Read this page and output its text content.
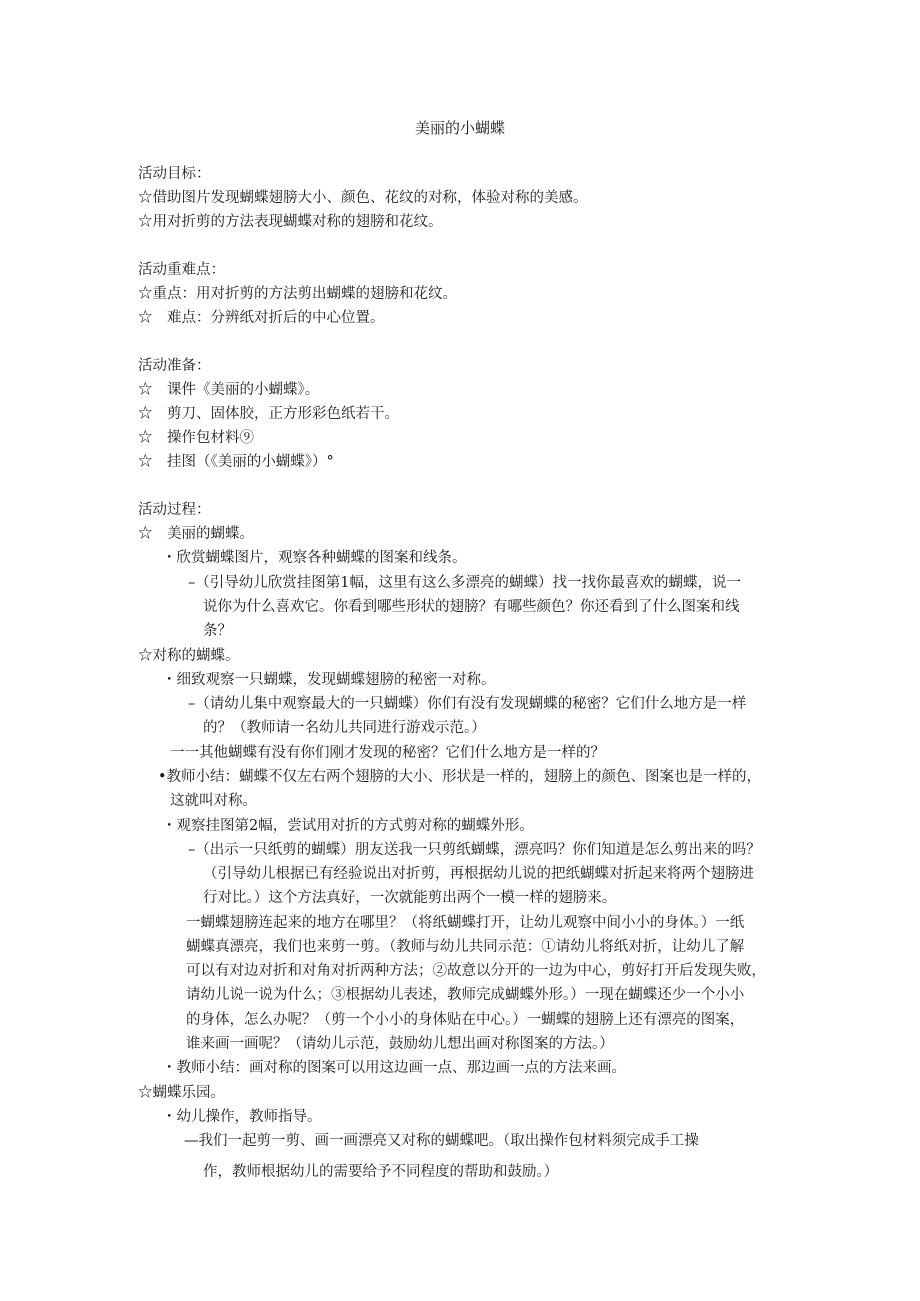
美丽的小蝴蝶
活动目标：
☆借助图片发现蝴蝶翅膀大小、颜色、花纹的对称，体验对称的美感。
☆用对折剪的方法表现蝴蝶对称的翅膀和花纹。
活动重难点：
☆重点：用对折剪的方法剪出蝴蝶的翅膀和花纹。
☆　难点：分辨纸对折后的中心位置。
活动准备：
☆　课件《美丽的小蝴蝶》。
☆　剪刀、固体胶，正方形彩色纸若干。
☆　操作包材料⑨
☆　挂图（《美丽的小蝴蝶》）°
活动过程：
☆　美丽的蝴蝶。
・欣赏蝴蝶图片，观察各种蝴蝶的图案和线条。
–（引导幼儿欣赏挂图第1幅，这里有这么多漂亮的蝴蝶）找一找你最喜欢的蝴蝶，说一
说你为什么喜欢它。你看到哪些形状的翅膀？有哪些颜色？你还看到了什么图案和线
条？
☆对称的蝴蝶。
・细致观察一只蝴蝶，发现蝴蝶翅膀的秘密一对称。
–（请幼儿集中观察最大的一只蝴蝶）你们有没有发现蝴蝶的秘密？它们什么地方是一样
的？（教师请一名幼儿共同进行游戏示范。）
一一其他蝴蝶有没有你们刚才发现的秘密？它们什么地方是一样的？
•教师小结：蝴蝶不仅左右两个翅膀的大小、形状是一样的，翅膀上的颜色、图案也是一样的，
这就叫对称。
・观察挂图第2幅，尝试用对折的方式剪对称的蝴蝶外形。
–（出示一只纸剪的蝴蝶）朋友送我一只剪纸蝴蝶，漂亮吗？你们知道是怎么剪出来的吗？
（引导幼儿根据已有经验说出对折剪，再根据幼儿说的把纸蝴蝶对折起来将两个翅膀进
行对比。）这个方法真好，一次就能剪出两个一模一样的翅膀来。
一蝴蝶翅膀连起来的地方在哪里？（将纸蝴蝶打开，让幼儿观察中间小小的身体。）一纸
蝴蝶真漂亮，我们也来剪一剪。（教师与幼儿共同示范：①请幼儿将纸对折，让幼儿了解
可以有对边对折和对角对折两种方法；②故意以分开的一边为中心，剪好打开后发现失败，
请幼儿说一说为什么；③根据幼儿表述，教师完成蝴蝶外形。）一现在蝴蝶还少一个小小
的身体，怎么办呢？（剪一个小小的身体贴在中心。）一蝴蝶的翅膀上还有漂亮的图案，
谁来画一画呢？（请幼儿示范，鼓励幼儿想出画对称图案的方法。）
・教师小结：画对称的图案可以用这边画一点、那边画一点的方法来画。
☆蝴蝶乐园。
・幼儿操作，教师指导。
—我们一起剪一剪、画一画漂亮又对称的蝴蝶吧。（取出操作包材料须完成手工操
作，教师根据幼儿的需要给予不同程度的帮助和鼓励。）
